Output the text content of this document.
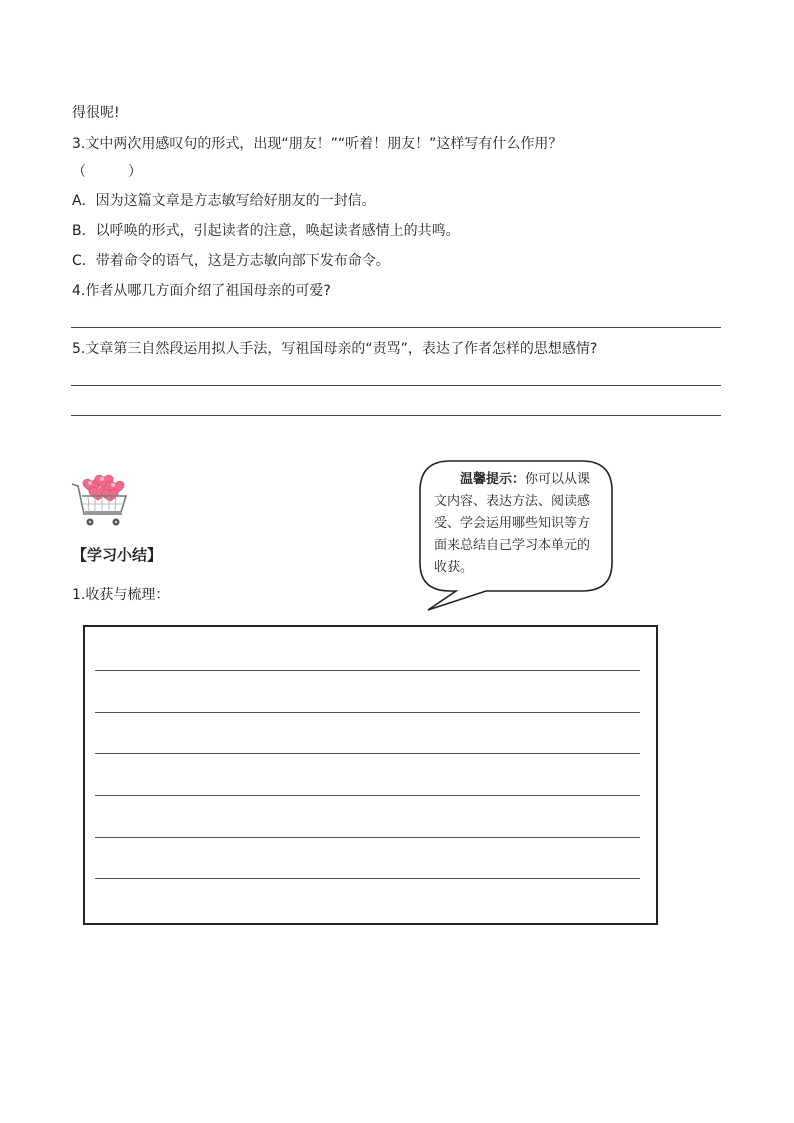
得很呢!
3.文中两次用感叹句的形式，出现“朋友！”“听着！朋友！”这样写有什么作用？
（　　　）
A．因为这篇文章是方志敏写给好朋友的一封信。
B．以呼唤的形式，引起读者的注意，唤起读者感情上的共鸣。
C．带着命令的语气，这是方志敏向部下发布命令。
4.作者从哪几方面介绍了祖国母亲的可爱?
5.文章第三自然段运用拟人手法，写祖国母亲的“责骂”，表达了作者怎样的思想感情?
【学习小结】
1.收获与梳理：
温馨提示：你可以从课文内容、表达方法、阅读感受、学会运用哪些知识等方面来总结自己学习本单元的收获。
